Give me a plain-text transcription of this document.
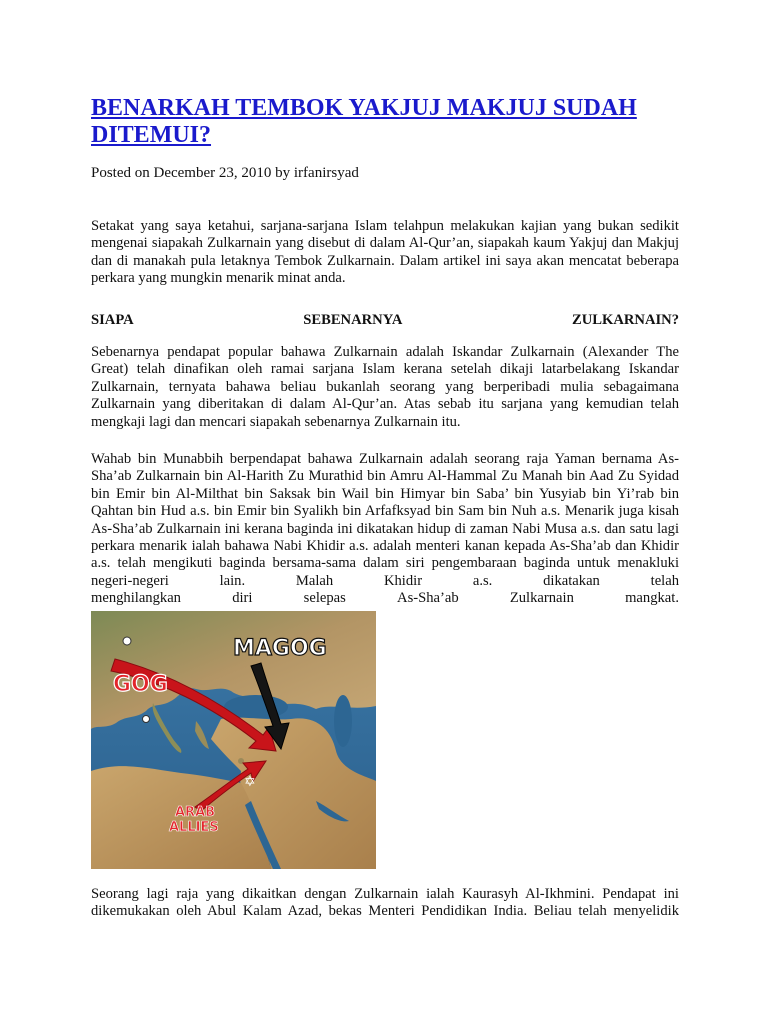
BENARKAH TEMBOK YAKJUJ MAKJUJ SUDAH DITEMUI?
Posted on December 23, 2010 by irfanirsyad

Setakat yang saya ketahui, sarjana-sarjana Islam telahpun melakukan kajian yang bukan sedikit mengenai siapakah Zulkarnain yang disebut di dalam Al-Qur’an, siapakah kaum Yakjuj dan Makjuj dan di manakah pula letaknya Tembok Zulkarnain. Dalam artikel ini saya akan mencatat beberapa perkara yang mungkin menarik minat anda.

SIAPA	SEBENARNYA	ZULKARNAIN?

Sebenarnya pendapat popular bahawa Zulkarnain adalah Iskandar Zulkarnain (Alexander The Great) telah dinafikan oleh ramai sarjana Islam kerana setelah dikaji latarbelakang Iskandar Zulkarnain, ternyata bahawa beliau bukanlah seorang yang berperibadi mulia sebagaimana Zulkarnain yang diberitakan di dalam Al-Qur’an. Atas sebab itu sarjana yang kemudian telah mengkaji lagi dan mencari siapakah sebenarnya Zulkarnain itu.

Wahab bin Munabbih berpendapat bahawa Zulkarnain adalah seorang raja Yaman bernama As-Sha’ab Zulkarnain bin Al-Harith Zu Murathid bin Amru Al-Hammal Zu Manah bin Aad Zu Syidad bin Emir bin Al-Milthat bin Saksak bin Wail bin Himyar bin Saba’ bin Yusyiab bin Yi’rab bin Qahtan bin Hud a.s. bin Emir bin Syalikh bin Arfafksyad bin Sam bin Nuh a.s. Menarik juga kisah As-Sha’ab Zulkarnain ini kerana baginda ini dikatakan hidup di zaman Nabi Musa a.s. dan satu lagi perkara menarik ialah bahawa Nabi Khidir a.s. adalah menteri kanan kepada As-Sha’ab dan Khidir a.s. telah mengikuti baginda bersama-sama dalam siri pengembaraan baginda untuk menakluki negeri-negeri lain. Malah Khidir a.s. dikatakan telah
menghilangkan	diri	selepas	As-Sha’ab	Zulkarnain	mangkat.
✡
MAGOG
GOG
ARAB
ALLIES

Seorang lagi raja yang dikaitkan dengan Zulkarnain ialah Kaurasyh Al-Ikhmini. Pendapat ini dikemukakan oleh Abul Kalam Azad, bekas Menteri Pendidikan India. Beliau telah menyelidik
